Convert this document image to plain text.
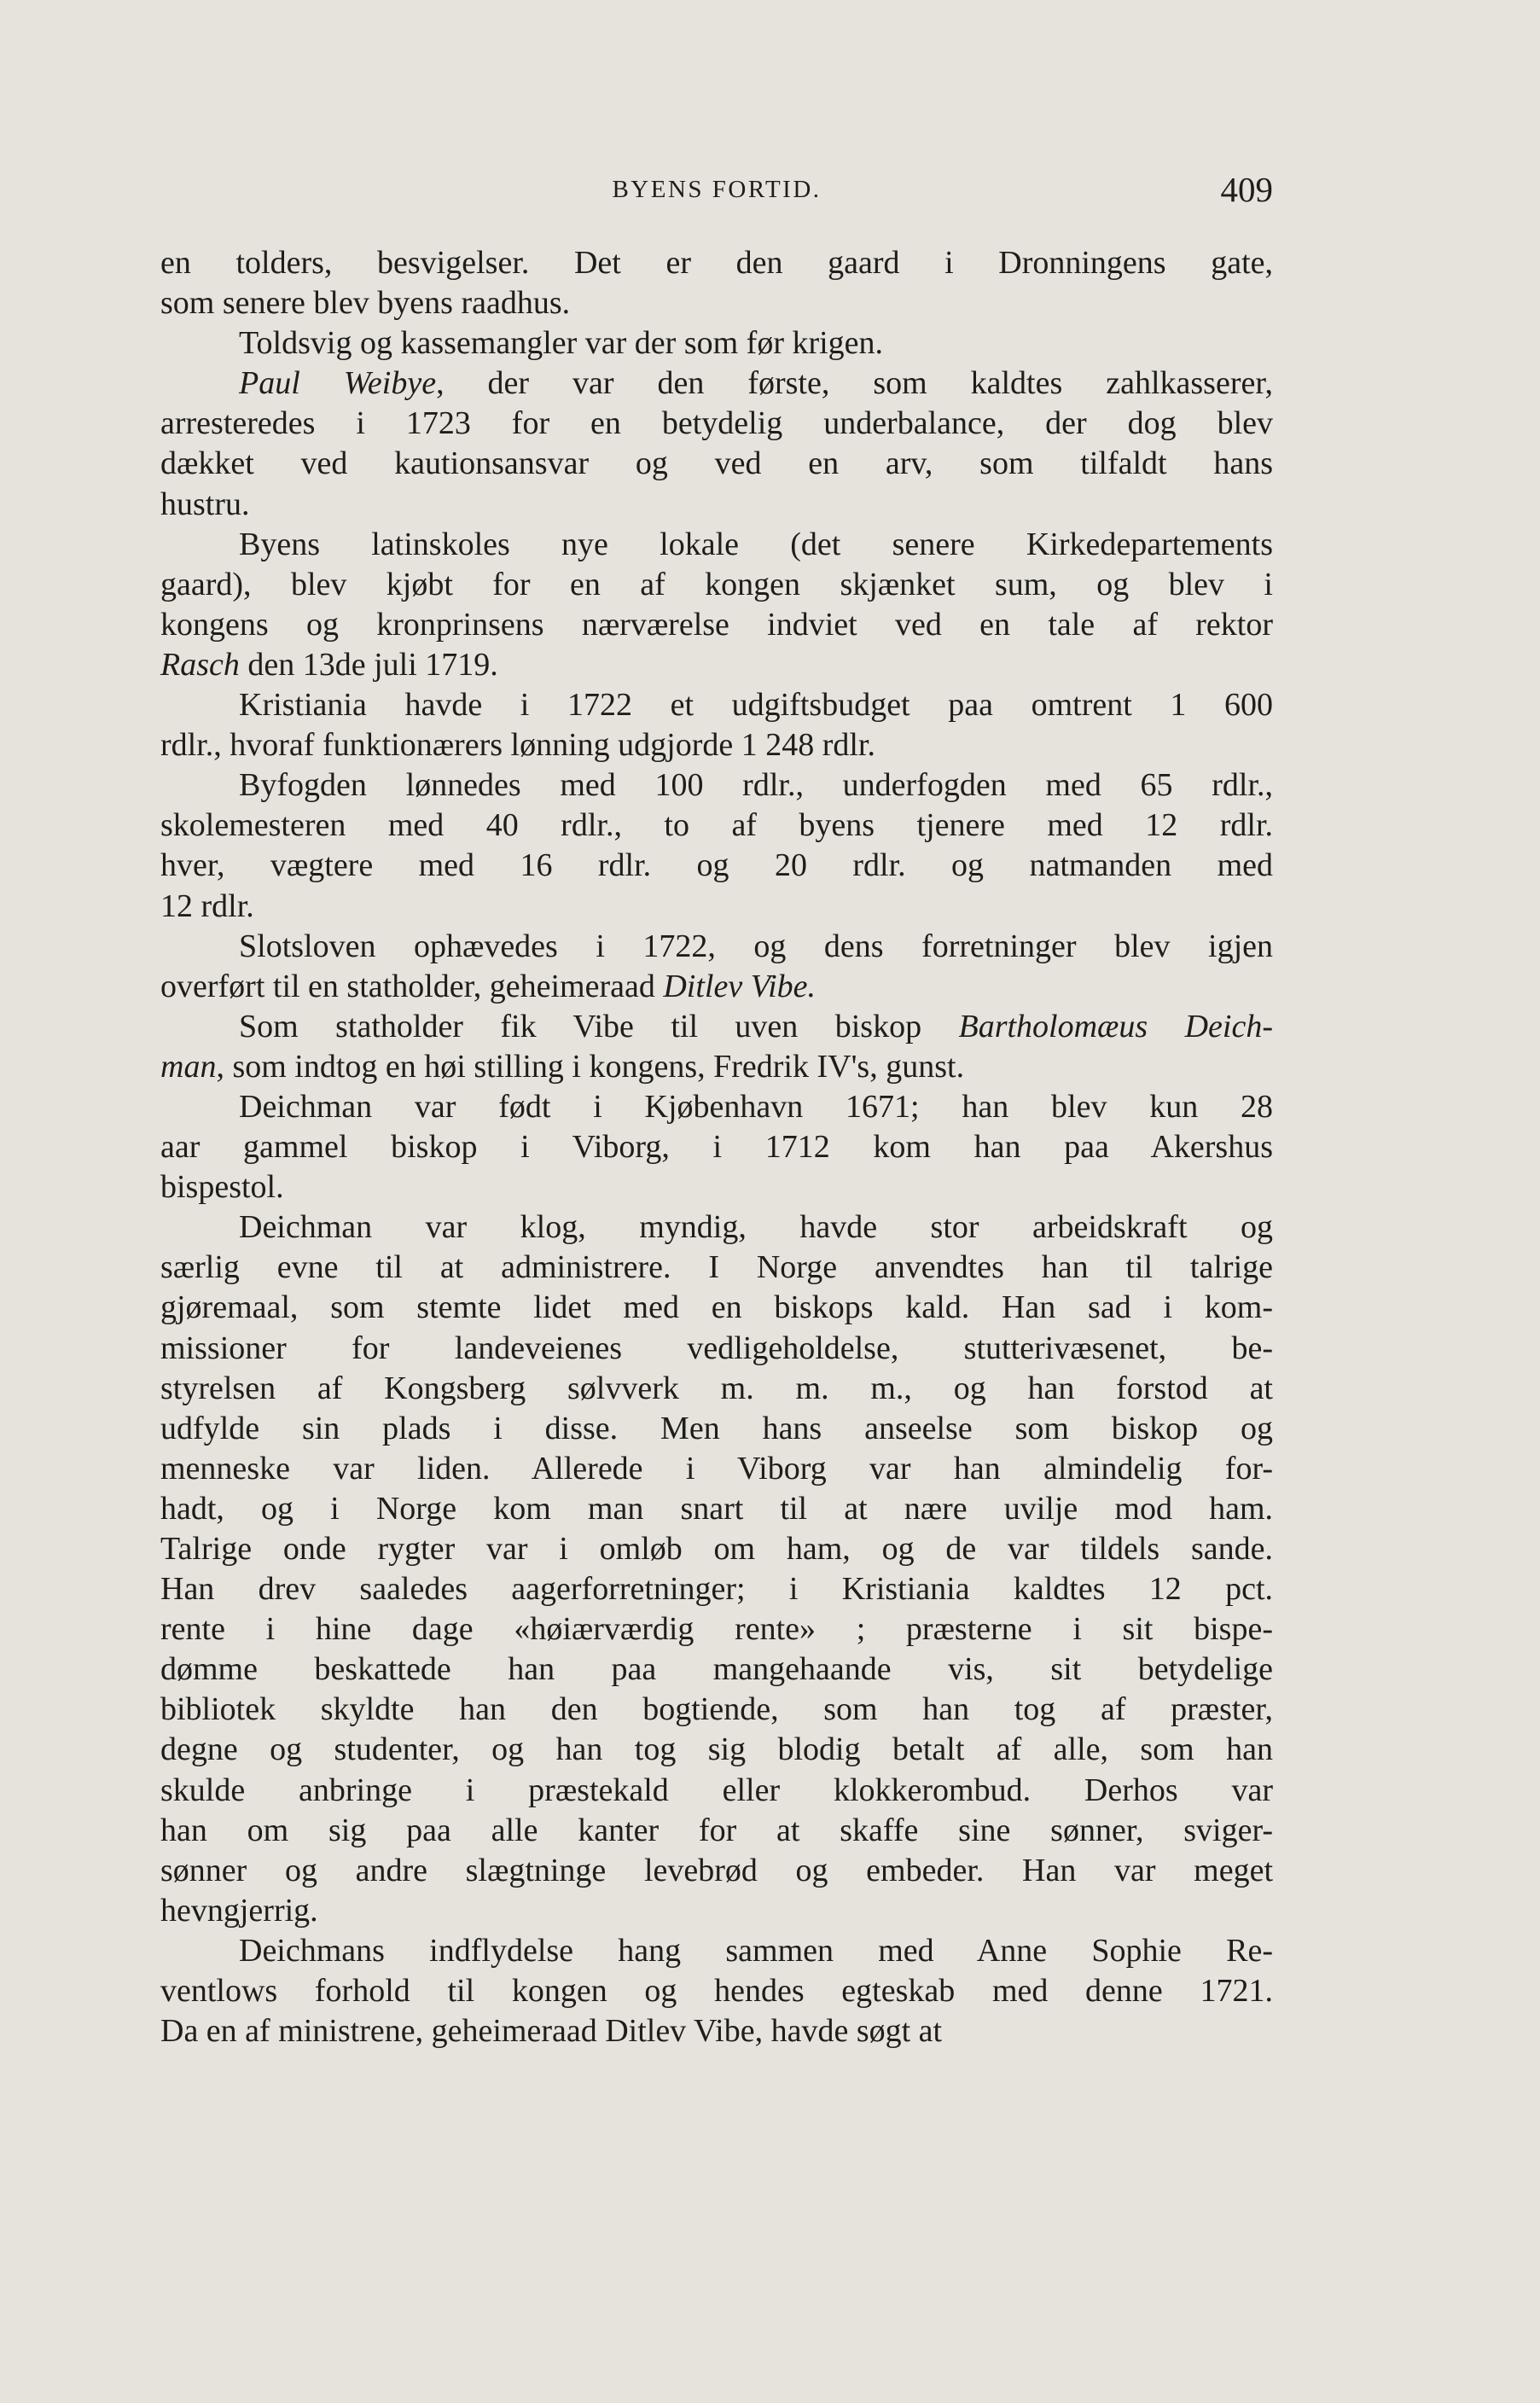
BYENS FORTID.	409

en tolders, besvigelser. Det er den gaard i Dronningens gate,
som senere blev byens raadhus.

Toldsvig og kassemangler var der som før krigen.

Paul Weibye, der var den første, som kaldtes zahlkasserer,
arresteredes i 1723 for en betydelig underbalance, der dog blev
dækket ved kautionsansvar og ved en arv, som tilfaldt hans
hustru.

Byens latinskoles nye lokale (det senere Kirkedepartements
gaard), blev kjøbt for en af kongen skjænket sum, og blev i
kongens og kronprinsens nærværelse indviet ved en tale af rektor
Rasch den 13de juli 1719.

Kristiania havde i 1722 et udgiftsbudget paa omtrent 1 600
rdlr., hvoraf funktionærers lønning udgjorde 1 248 rdlr.

Byfogden lønnedes med 100 rdlr., underfogden med 65 rdlr.,
skolemesteren med 40 rdlr., to af byens tjenere med 12 rdlr.
hver, vægtere med 16 rdlr. og 20 rdlr. og natmanden med
12 rdlr.

Slotsloven ophævedes i 1722, og dens forretninger blev igjen
overført til en statholder, geheimeraad Ditlev Vibe.

Som statholder fik Vibe til uven biskop Bartholomæus Deich-
man, som indtog en høi stilling i kongens, Fredrik IV's, gunst.

Deichman var født i Kjøbenhavn 1671; han blev kun 28
aar gammel biskop i Viborg, i 1712 kom han paa Akershus
bispestol.

Deichman var klog, myndig, havde stor arbeidskraft og
særlig evne til at administrere. I Norge anvendtes han til talrige
gjøremaal, som stemte lidet med en biskops kald. Han sad i kom-
missioner for landeveienes vedligeholdelse, stutterivæsenet, be-
styrelsen af Kongsberg sølvverk m. m. m., og han forstod at
udfylde sin plads i disse. Men hans anseelse som biskop og
menneske var liden. Allerede i Viborg var han almindelig for-
hadt, og i Norge kom man snart til at nære uvilje mod ham.
Talrige onde rygter var i omløb om ham, og de var tildels sande.
Han drev saaledes aagerforretninger; i Kristiania kaldtes 12 pct.
rente i hine dage «høiærværdig rente» ; præsterne i sit bispe-
dømme beskattede han paa mangehaande vis, sit betydelige
bibliotek skyldte han den bogtiende, som han tog af præster,
degne og studenter, og han tog sig blodig betalt af alle, som han
skulde anbringe i præstekald eller klokkerombud. Derhos var
han om sig paa alle kanter for at skaffe sine sønner, sviger-
sønner og andre slægtninge levebrød og embeder. Han var meget
hevngjerrig.

Deichmans indflydelse hang sammen med Anne Sophie Re-
ventlows forhold til kongen og hendes egteskab med denne 1721.
Da en af ministrene, geheimeraad Ditlev Vibe, havde søgt at
